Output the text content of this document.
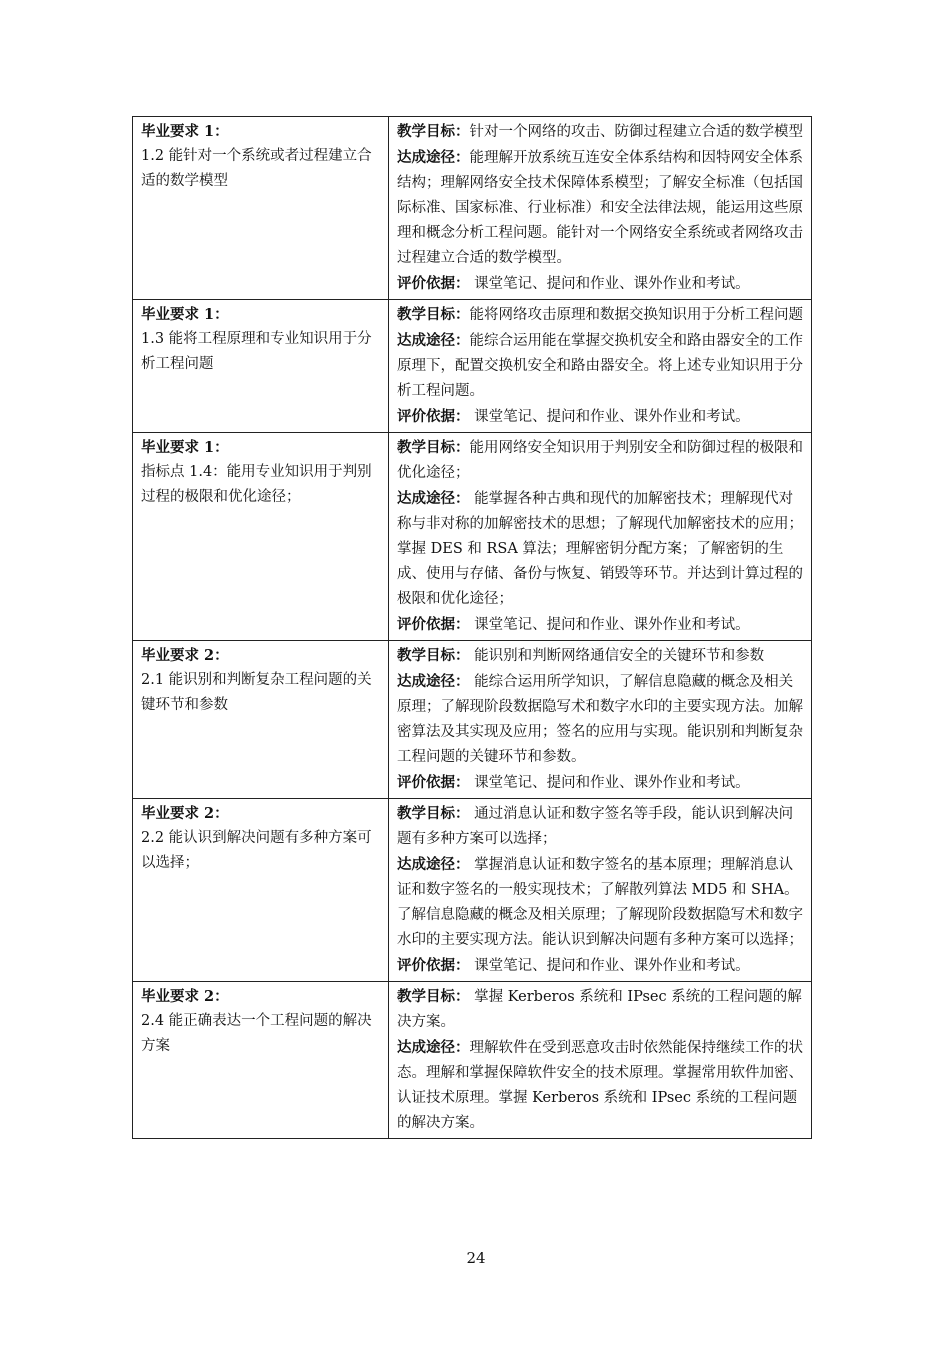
毕业要求 1：
1.2 能针对一个系统或者过程建立合适的数学模型	教学目标：针对一个网络的攻击、防御过程建立合适的数学模型
达成途径：能理解开放系统互连安全体系结构和因特网安全体系结构；理解网络安全技术保障体系模型；了解安全标准（包括国际标准、国家标准、行业标准）和安全法律法规，能运用这些原理和概念分析工程问题。能针对一个网络安全系统或者网络攻击过程建立合适的数学模型。
评价依据： 课堂笔记、提问和作业、课外作业和考试。

毕业要求 1：
1.3 能将工程原理和专业知识用于分析工程问题	教学目标：能将网络攻击原理和数据交换知识用于分析工程问题
达成途径：能综合运用能在掌握交换机安全和路由器安全的工作原理下，配置交换机安全和路由器安全。将上述专业知识用于分析工程问题。
评价依据： 课堂笔记、提问和作业、课外作业和考试。

毕业要求 1：
指标点 1.4：能用专业知识用于判别过程的极限和优化途径；	教学目标：能用网络安全知识用于判别安全和防御过程的极限和优化途径；
达成途径： 能掌握各种古典和现代的加解密技术；理解现代对称与非对称的加解密技术的思想；了解现代加解密技术的应用；掌握 DES 和 RSA 算法；理解密钥分配方案；了解密钥的生成、使用与存储、备份与恢复、销毁等环节。并达到计算过程的极限和优化途径；
评价依据： 课堂笔记、提问和作业、课外作业和考试。

毕业要求 2：
2.1 能识别和判断复杂工程问题的关键环节和参数	教学目标： 能识别和判断网络通信安全的关键环节和参数
达成途径： 能综合运用所学知识，了解信息隐藏的概念及相关原理；了解现阶段数据隐写术和数字水印的主要实现方法。加解密算法及其实现及应用；签名的应用与实现。能识别和判断复杂工程问题的关键环节和参数。
评价依据： 课堂笔记、提问和作业、课外作业和考试。

毕业要求 2：
2.2 能认识到解决问题有多种方案可以选择；	教学目标： 通过消息认证和数字签名等手段，能认识到解决问题有多种方案可以选择；
达成途径： 掌握消息认证和数字签名的基本原理；理解消息认证和数字签名的一般实现技术；了解散列算法 MD5 和 SHA。了解信息隐藏的概念及相关原理；了解现阶段数据隐写术和数字水印的主要实现方法。能认识到解决问题有多种方案可以选择；
评价依据： 课堂笔记、提问和作业、课外作业和考试。

毕业要求 2：
2.4 能正确表达一个工程问题的解决方案	教学目标： 掌握 Kerberos 系统和 IPsec 系统的工程问题的解决方案。
达成途径：理解软件在受到恶意攻击时依然能保持继续工作的状态。理解和掌握保障软件安全的技术原理。掌握常用软件加密、认证技术原理。掌握 Kerberos 系统和 IPsec 系统的工程问题的解决方案。
24
